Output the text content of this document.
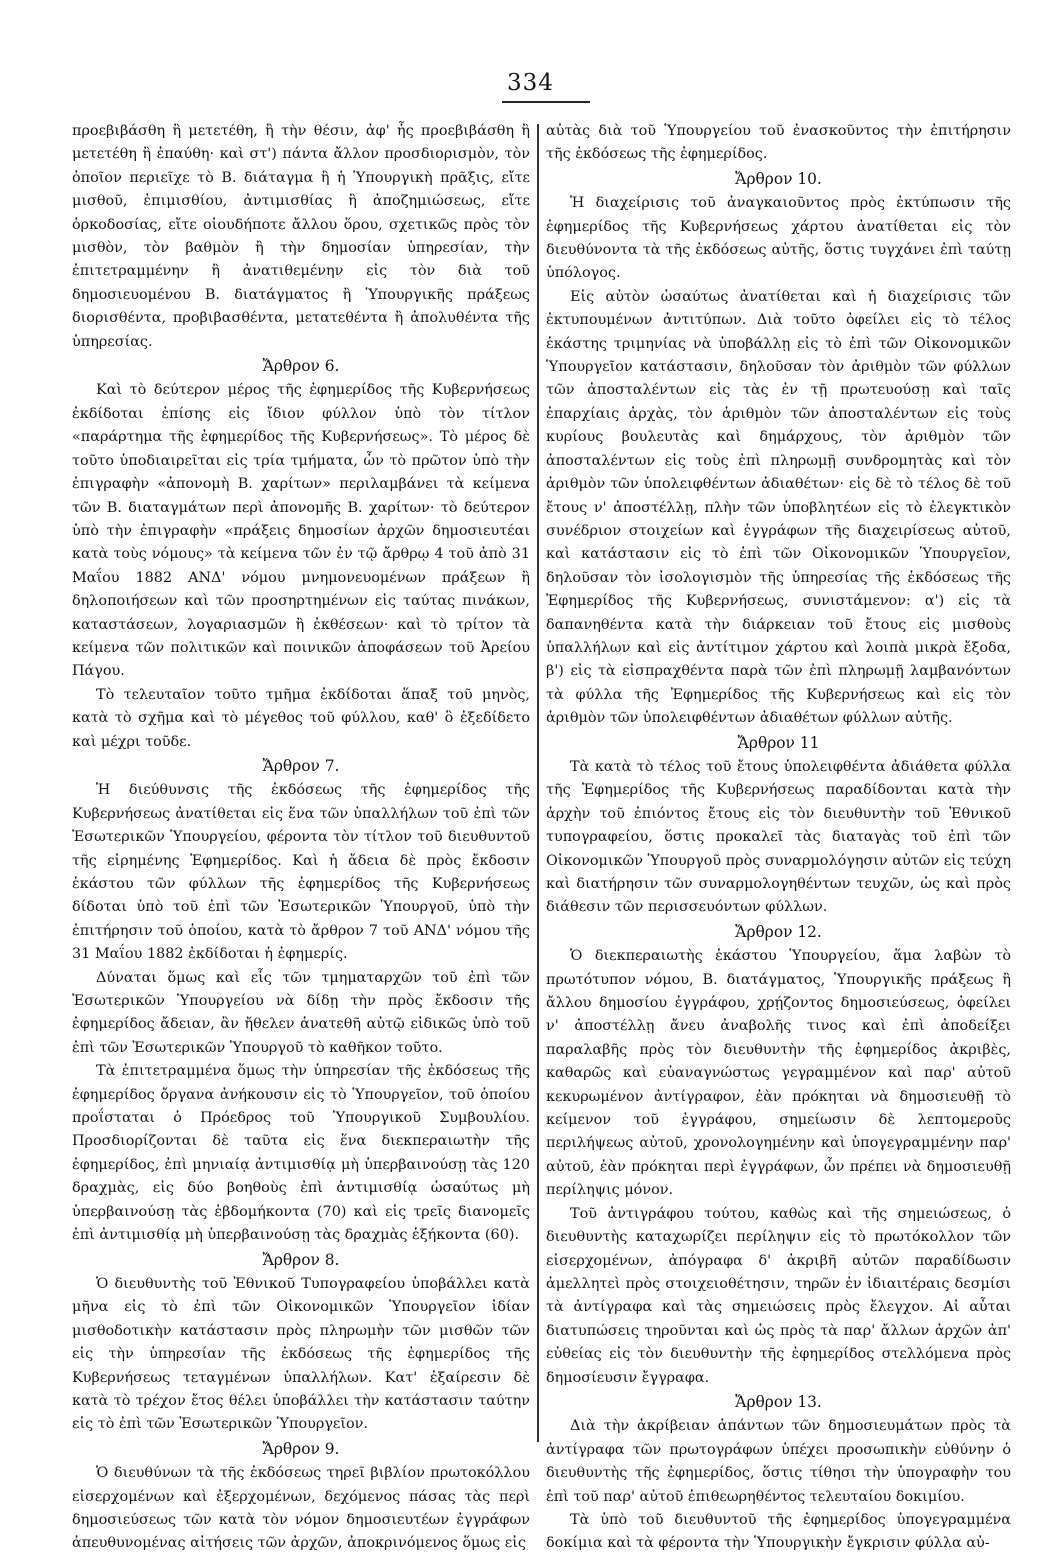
334

προεβιβάσθη ἢ μετετέθη, ἢ τὴν θέσιν, ἀφ' ἧς προεβιβάσθη ἢ μετετέθη ἢ ἐπαύθη· καὶ στ') πάντα ἄλλον προσδιορισμὸν, τὸν ὁποῖον περιεῖχε τὸ Β. διάταγμα ἢ ἡ Ὑπουργικὴ πρᾶξις, εἴτε μισθοῦ, ἐπιμισθίου, ἀντιμισθίας ἢ ἀποζημιώσεως, εἴτε ὁρκοδοσίας, εἴτε οἱουδήποτε ἄλλου ὅρου, σχετικῶς πρὸς τὸν μισθὸν, τὸν βαθμὸν ἢ τὴν δημοσίαν ὑπηρεσίαν, τὴν ἐπιτετραμμένην ἢ ἀνατιθεμένην εἰς τὸν διὰ τοῦ δημοσιευομένου Β. διατάγματος ἢ Ὑπουργικῆς πράξεως διορισθέντα, προβιβασθέντα, μετατεθέντα ἢ ἀπολυθέντα τῆς ὑπηρεσίας.

Ἄρθρον 6.

Καὶ τὸ δεύτερον μέρος τῆς ἐφημερίδος τῆς Κυβερνήσεως ἐκδίδοται ἐπίσης εἰς ἴδιον φύλλον ὑπὸ τὸν τίτλον «παράρτημα τῆς ἐφημερίδος τῆς Κυβερνήσεως». Τὸ μέρος δὲ τοῦτο ὑποδιαιρεῖται εἰς τρία τμήματα, ὧν τὸ πρῶτον ὑπὸ τὴν ἐπιγραφὴν «ἀπονομὴ Β. χαρίτων» περιλαμβάνει τὰ κείμενα τῶν Β. διαταγμάτων περὶ ἀπονομῆς Β. χαρίτων· τὸ δεύτερον ὑπὸ τὴν ἐπιγραφὴν «πράξεις δημοσίων ἀρχῶν δημοσιευτέαι κατὰ τοὺς νόμους» τὰ κείμενα τῶν ἐν τῷ ἄρθρῳ 4 τοῦ ἀπὸ 31 Μαΐου 1882 ΑΝΔ' νόμου μνημονευομένων πράξεων ἢ δηλοποιήσεων καὶ τῶν προσηρτημένων εἰς ταύτας πινάκων, καταστάσεων, λογαριασμῶν ἢ ἐκθέσεων· καὶ τὸ τρίτον τὰ κείμενα τῶν πολιτικῶν καὶ ποινικῶν ἀποφάσεων τοῦ Ἀρείου Πάγου.

Τὸ τελευταῖον τοῦτο τμῆμα ἐκδίδοται ἅπαξ τοῦ μηνὸς, κατὰ τὸ σχῆμα καὶ τὸ μέγεθος τοῦ φύλλου, καθ' ὃ ἐξεδίδετο καὶ μέχρι τοῦδε.

Ἄρθρον 7.

Ἡ διεύθυνσις τῆς ἐκδόσεως τῆς ἐφημερίδος τῆς Κυβερνήσεως ἀνατίθεται εἰς ἕνα τῶν ὑπαλλήλων τοῦ ἐπὶ τῶν Ἐσωτερικῶν Ὑπουργείου, φέροντα τὸν τίτλον τοῦ διευθυντοῦ τῆς εἰρημένης Ἐφημερίδος. Καὶ ἡ ἄδεια δὲ πρὸς ἔκδοσιν ἑκάστου τῶν φύλλων τῆς ἐφημερίδος τῆς Κυβερνήσεως δίδοται ὑπὸ τοῦ ἐπὶ τῶν Ἐσωτερικῶν Ὑπουργοῦ, ὑπὸ τὴν ἐπιτήρησιν τοῦ ὁποίου, κατὰ τὸ ἄρθρον 7 τοῦ ΑΝΔ' νόμου τῆς 31 Μαΐου 1882 ἐκδίδοται ἡ ἐφημερίς.

Δύναται ὅμως καὶ εἷς τῶν τμηματαρχῶν τοῦ ἐπὶ τῶν Ἐσωτερικῶν Ὑπουργείου νὰ δίδῃ τὴν πρὸς ἔκδοσιν τῆς ἐφημερίδος ἄδειαν, ἂν ἤθελεν ἀνατεθῆ αὐτῷ εἰδικῶς ὑπὸ τοῦ ἐπὶ τῶν Ἐσωτερικῶν Ὑπουργοῦ τὸ καθῆκον τοῦτο.

Τὰ ἐπιτετραμμένα ὅμως τὴν ὑπηρεσίαν τῆς ἐκδόσεως τῆς ἐφημερίδος ὄργανα ἀνήκουσιν εἰς τὸ Ὑπουργεῖον, τοῦ ὁποίου προΐσταται ὁ Πρόεδρος τοῦ Ὑπουργικοῦ Συμβουλίου. Προσδιορίζονται δὲ ταῦτα εἰς ἕνα διεκπεραιωτὴν τῆς ἐφημερίδος, ἐπὶ μηνιαίᾳ ἀντιμισθίᾳ μὴ ὑπερβαινούσῃ τὰς 120 δραχμὰς, εἰς δύο βοηθοὺς ἐπὶ ἀντιμισθίᾳ ὡσαύτως μὴ ὑπερβαινούσῃ τὰς ἑβδομήκοντα (70) καὶ εἰς τρεῖς διανομεῖς ἐπὶ ἀντιμισθίᾳ μὴ ὑπερβαινούσῃ τὰς δραχμὰς ἑξήκοντα (60).

Ἄρθρον 8.

Ὁ διευθυντὴς τοῦ Ἐθνικοῦ Τυπογραφείου ὑποβάλλει κατὰ μῆνα εἰς τὸ ἐπὶ τῶν Οἰκονομικῶν Ὑπουργεῖον ἰδίαν μισθοδοτικὴν κατάστασιν πρὸς πληρωμὴν τῶν μισθῶν τῶν εἰς τὴν ὑπηρεσίαν τῆς ἐκδόσεως τῆς ἐφημερίδος τῆς Κυβερνήσεως τεταγμένων ὑπαλλήλων. Κατ' ἐξαίρεσιν δὲ κατὰ τὸ τρέχον ἔτος θέλει ὑποβάλλει τὴν κατάστασιν ταύτην εἰς τὸ ἐπὶ τῶν Ἐσωτερικῶν Ὑπουργεῖον.

Ἄρθρον 9.

Ὁ διευθύνων τὰ τῆς ἐκδόσεως τηρεῖ βιβλίον πρωτοκόλλου εἰσερχομένων καὶ ἐξερχομένων, δεχόμενος πάσας τὰς περὶ δημοσιεύσεως τῶν κατὰ τὸν νόμον δημοσιευτέων ἐγγράφων ἀπευθυνομένας αἰτήσεις τῶν ἀρχῶν, ἀποκρινόμενος ὅμως εἰς

αὐτὰς διὰ τοῦ Ὑπουργείου τοῦ ἐνασκοῦντος τὴν ἐπιτήρησιν τῆς ἐκδόσεως τῆς ἐφημερίδος.

Ἄρθρον 10.

Ἡ διαχείρισις τοῦ ἀναγκαιοῦντος πρὸς ἐκτύπωσιν τῆς ἐφημερίδος τῆς Κυβερνήσεως χάρτου ἀνατίθεται εἰς τὸν διευθύνοντα τὰ τῆς ἐκδόσεως αὐτῆς, ὅστις τυγχάνει ἐπὶ ταύτῃ ὑπόλογος.

Εἰς αὐτὸν ὡσαύτως ἀνατίθεται καὶ ἡ διαχείρισις τῶν ἐκτυπουμένων ἀντιτύπων. Διὰ τοῦτο ὀφείλει εἰς τὸ τέλος ἑκάστης τριμηνίας νὰ ὑποβάλλῃ εἰς τὸ ἐπὶ τῶν Οἰκονομικῶν Ὑπουργεῖον κατάστασιν, δηλοῦσαν τὸν ἀριθμὸν τῶν φύλλων τῶν ἀποσταλέντων εἰς τὰς ἐν τῇ πρωτευούσῃ καὶ ταῖς ἐπαρχίαις ἀρχὰς, τὸν ἀριθμὸν τῶν ἀποσταλέντων εἰς τοὺς κυρίους βουλευτὰς καὶ δημάρχους, τὸν ἀριθμὸν τῶν ἀποσταλέντων εἰς τοὺς ἐπὶ πληρωμῇ συνδρομητὰς καὶ τὸν ἀριθμὸν τῶν ὑπολειφθέντων ἀδιαθέτων· εἰς δὲ τὸ τέλος δὲ τοῦ ἔτους ν' ἀποστέλλῃ, πλὴν τῶν ὑποβλητέων εἰς τὸ ἐλεγκτικὸν συνέδριον στοιχείων καὶ ἐγγράφων τῆς διαχειρίσεως αὐτοῦ, καὶ κατάστασιν εἰς τὸ ἐπὶ τῶν Οἰκονομικῶν Ὑπουργεῖον, δηλοῦσαν τὸν ἰσολογισμὸν τῆς ὑπηρεσίας τῆς ἐκδόσεως τῆς Ἐφημερίδος τῆς Κυβερνήσεως, συνιστάμενον: α') εἰς τὰ δαπανηθέντα κατὰ τὴν διάρκειαν τοῦ ἔτους εἰς μισθοὺς ὑπαλλήλων καὶ εἰς ἀντίτιμον χάρτου καὶ λοιπὰ μικρὰ ἔξοδα, β') εἰς τὰ εἰσπραχθέντα παρὰ τῶν ἐπὶ πληρωμῇ λαμβανόντων τὰ φύλλα τῆς Ἐφημερίδος τῆς Κυβερνήσεως καὶ εἰς τὸν ἀριθμὸν τῶν ὑπολειφθέντων ἀδιαθέτων φύλλων αὐτῆς.

Ἄρθρον 11

Τὰ κατὰ τὸ τέλος τοῦ ἔτους ὑπολειφθέντα ἀδιάθετα φύλλα τῆς Ἐφημερίδος τῆς Κυβερνήσεως παραδίδονται κατὰ τὴν ἀρχὴν τοῦ ἐπιόντος ἔτους εἰς τὸν διευθυντὴν τοῦ Ἐθνικοῦ τυπογραφείου, ὅστις προκαλεῖ τὰς διαταγὰς τοῦ ἐπὶ τῶν Οἰκονομικῶν Ὑπουργοῦ πρὸς συναρμολόγησιν αὐτῶν εἰς τεύχη καὶ διατήρησιν τῶν συναρμολογηθέντων τευχῶν, ὡς καὶ πρὸς διάθεσιν τῶν περισσευόντων φύλλων.

Ἄρθρον 12.

Ὁ διεκπεραιωτὴς ἑκάστου Ὑπουργείου, ἅμα λαβὼν τὸ πρωτότυπον νόμου, Β. διατάγματος, Ὑπουργικῆς πράξεως ἢ ἄλλου δημοσίου ἐγγράφου, χρῄζοντος δημοσιεύσεως, ὀφείλει ν' ἀποστέλλῃ ἄνευ ἀναβολῆς τινος καὶ ἐπὶ ἀποδείξει παραλαβῆς πρὸς τὸν διευθυντὴν τῆς ἐφημερίδος ἀκριβὲς, καθαρῶς καὶ εὐαναγνώστως γεγραμμένον καὶ παρ' αὐτοῦ κεκυρωμένον ἀντίγραφον, ἐὰν πρόκηται νὰ δημοσιευθῇ τὸ κείμενον τοῦ ἐγγράφου, σημείωσιν δὲ λεπτομεροῦς περιλήψεως αὐτοῦ, χρονολογημένην καὶ ὑπογεγραμμένην παρ' αὐτοῦ, ἐὰν πρόκηται περὶ ἐγγράφων, ὧν πρέπει νὰ δημοσιευθῇ περίληψις μόνον.

Τοῦ ἀντιγράφου τούτου, καθὼς καὶ τῆς σημειώσεως, ὁ διευθυντὴς καταχωρίζει περίληψιν εἰς τὸ πρωτόκολλον τῶν εἰσερχομένων, ἀπόγραφα δ' ἀκριβῆ αὐτῶν παραδίδωσιν ἀμελλητεὶ πρὸς στοιχειοθέτησιν, τηρῶν ἐν ἰδιαιτέραις δεσμίσι τὰ ἀντίγραφα καὶ τὰς σημειώσεις πρὸς ἔλεγχον. Αἱ αὗται διατυπώσεις τηροῦνται καὶ ὡς πρὸς τὰ παρ' ἄλλων ἀρχῶν ἀπ' εὐθείας εἰς τὸν διευθυντὴν τῆς ἐφημερίδος στελλόμενα πρὸς δημοσίευσιν ἔγγραφα.

Ἄρθρον 13.

Διὰ τὴν ἀκρίβειαν ἁπάντων τῶν δημοσιευμάτων πρὸς τὰ ἀντίγραφα τῶν πρωτογράφων ὑπέχει προσωπικὴν εὐθύνην ὁ διευθυντὴς τῆς ἐφημερίδος, ὅστις τίθησι τὴν ὑπογραφὴν του ἐπὶ τοῦ παρ' αὐτοῦ ἐπιθεωρηθέντος τελευταίου δοκιμίου.

Τὰ ὑπὸ τοῦ διευθυντοῦ τῆς ἐφημερίδος ὑπογεγραμμένα δοκίμια καὶ τὰ φέροντα τὴν Ὑπουργικὴν ἔγκρισιν φύλλα αὐ-
